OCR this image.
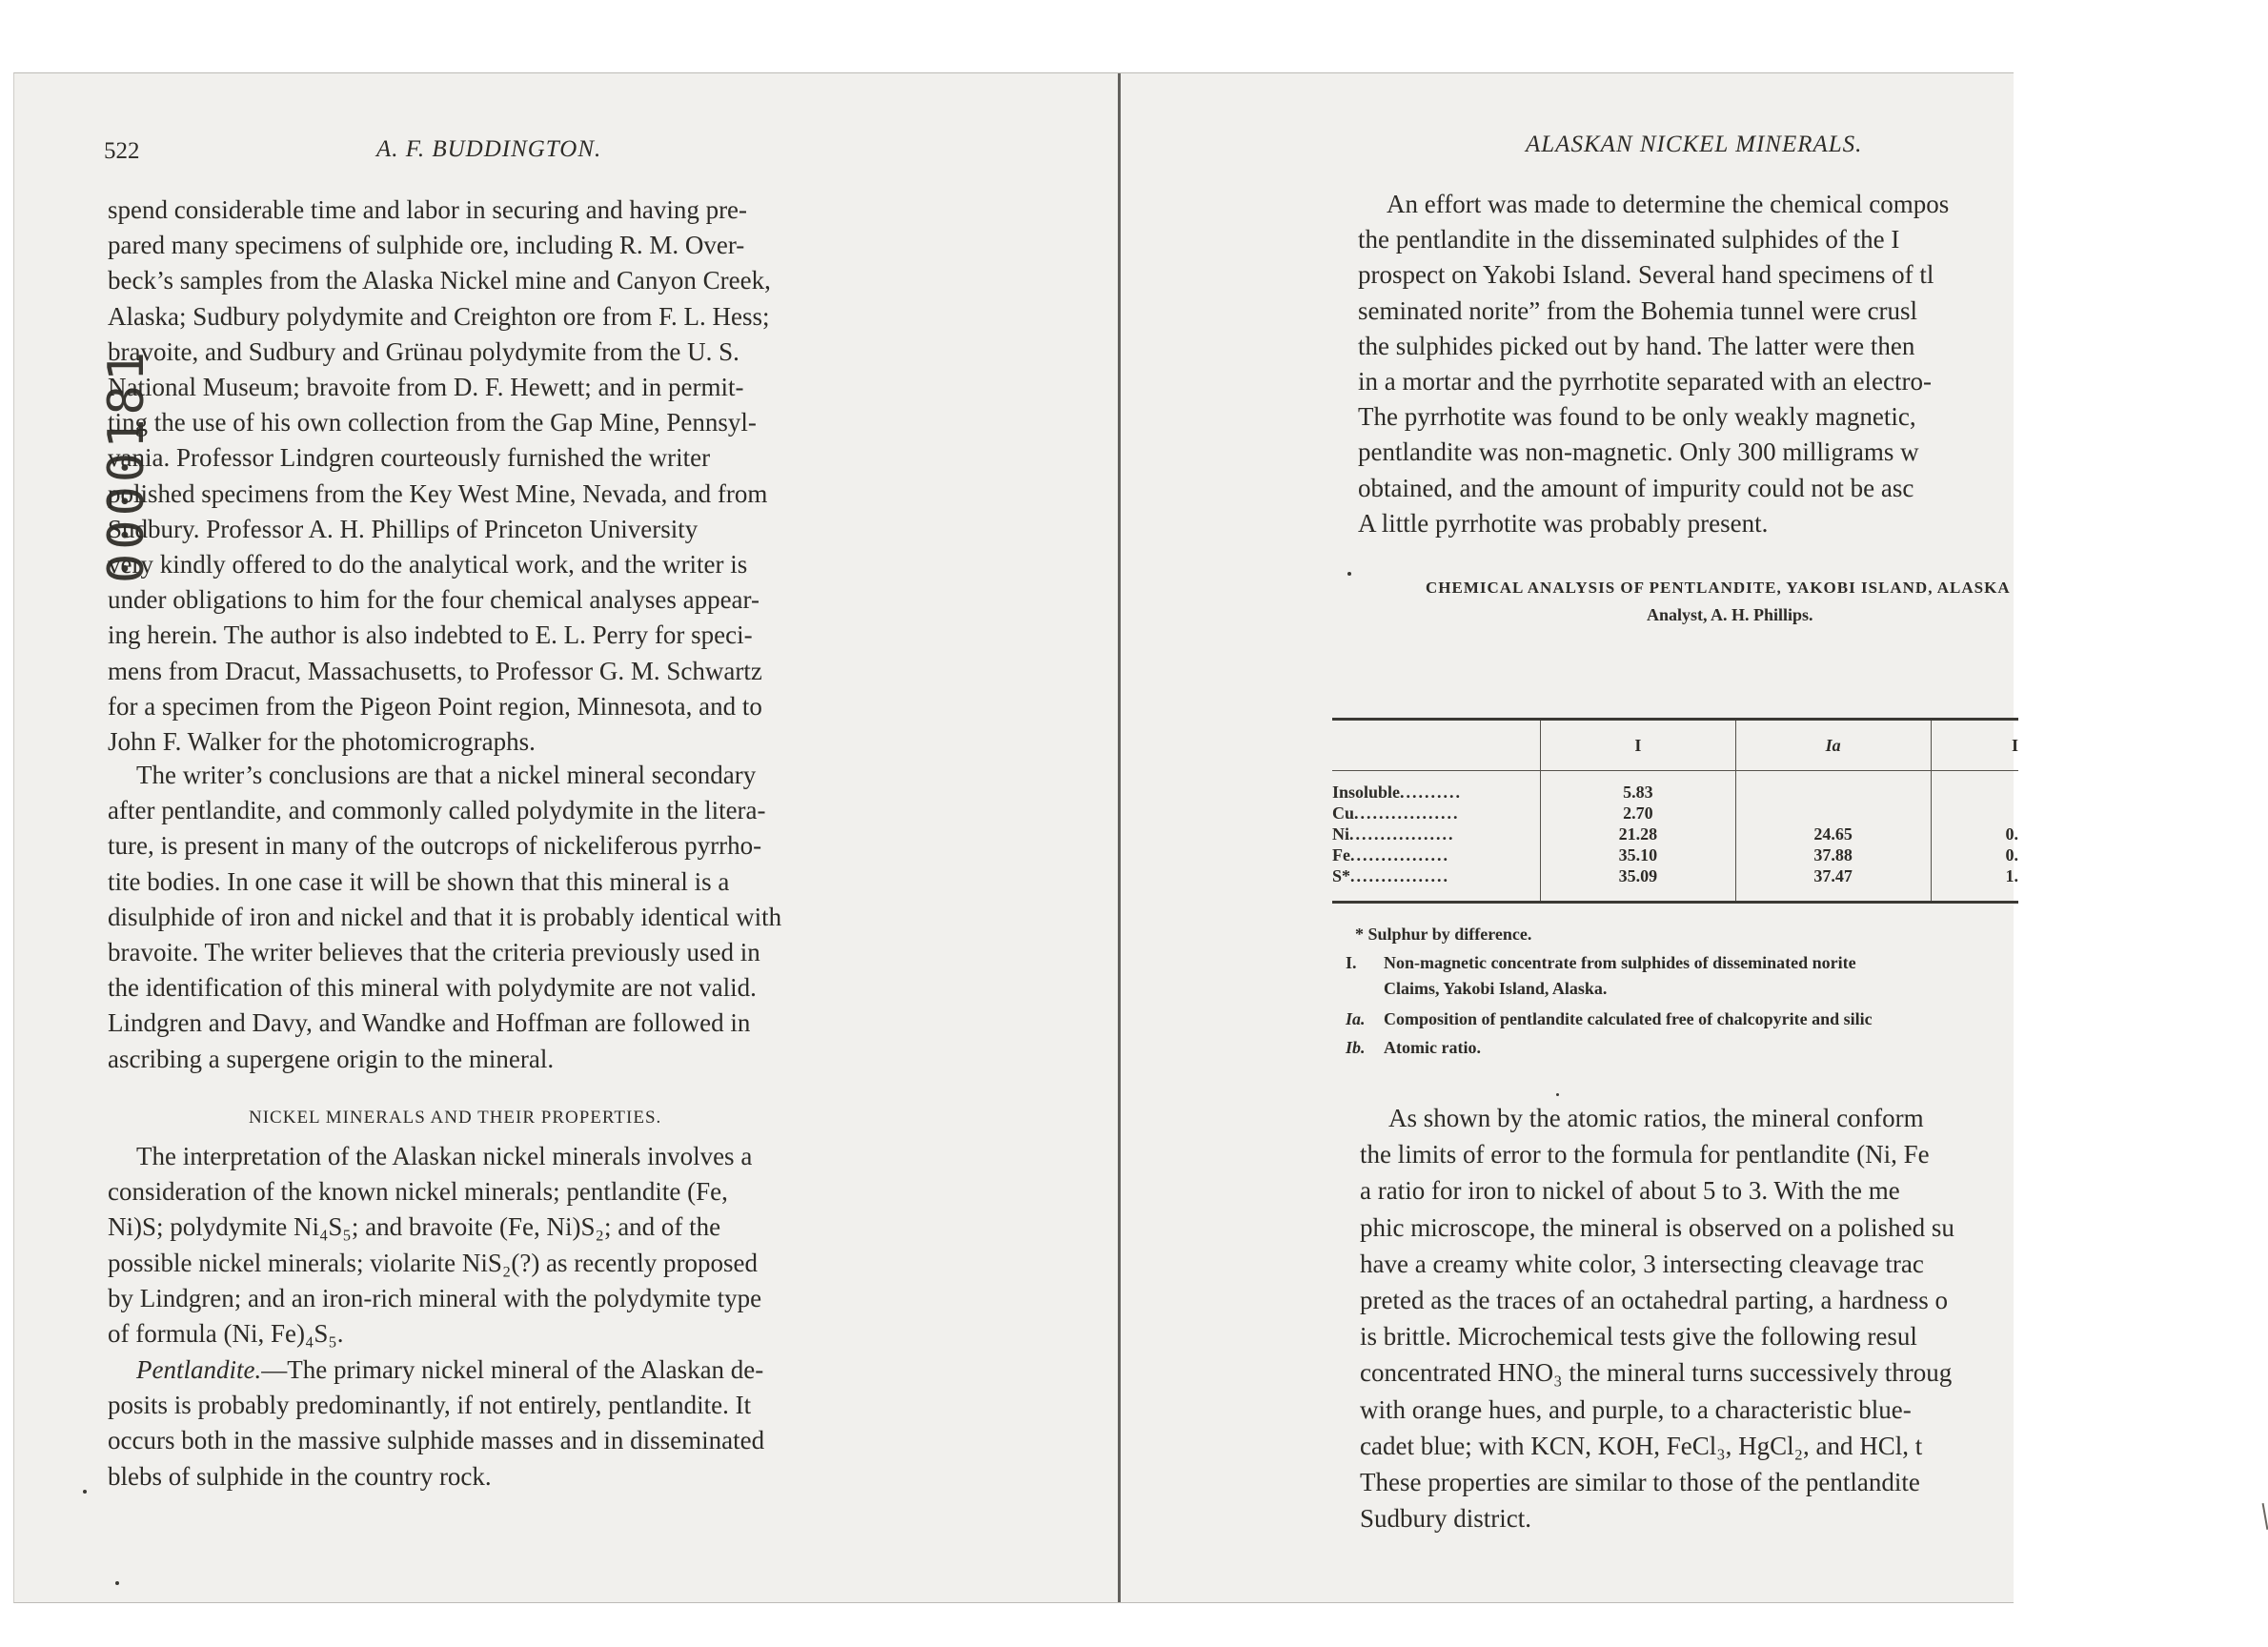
522	A. F. BUDDINGTON.
0000181
spend considerable time and labor in securing and having pre-
pared many specimens of sulphide ore, including R. M. Over-
beck’s samples from the Alaska Nickel mine and Canyon Creek,
Alaska; Sudbury polydymite and Creighton ore from F. L. Hess;
bravoite, and Sudbury and Grünau polydymite from the U. S.
National Museum; bravoite from D. F. Hewett; and in permit-
ting the use of his own collection from the Gap Mine, Pennsyl-
vania. Professor Lindgren courteously furnished the writer
polished specimens from the Key West Mine, Nevada, and from
Sudbury. Professor A. H. Phillips of Princeton University
very kindly offered to do the analytical work, and the writer is
under obligations to him for the four chemical analyses appear-
ing herein. The author is also indebted to E. L. Perry for speci-
mens from Dracut, Massachusetts, to Professor G. M. Schwartz
for a specimen from the Pigeon Point region, Minnesota, and to
John F. Walker for the photomicrographs.
The writer’s conclusions are that a nickel mineral secondary
after pentlandite, and commonly called polydymite in the litera-
ture, is present in many of the outcrops of nickeliferous pyrrho-
tite bodies. In one case it will be shown that this mineral is a
disulphide of iron and nickel and that it is probably identical with
bravoite. The writer believes that the criteria previously used in
the identification of this mineral with polydymite are not valid.
Lindgren and Davy, and Wandke and Hoffman are followed in
ascribing a supergene origin to the mineral.
NICKEL MINERALS AND THEIR PROPERTIES.
The interpretation of the Alaskan nickel minerals involves a
consideration of the known nickel minerals; pentlandite (Fe,
Ni)S; polydymite Ni₄S₅; and bravoite (Fe, Ni)S₂; and of the
possible nickel minerals; violarite NiS₂(?) as recently proposed
by Lindgren; and an iron-rich mineral with the polydymite type
of formula (Ni, Fe)₄S₅.
Pentlandite.—The primary nickel mineral of the Alaskan de-
posits is probably predominantly, if not entirely, pentlandite. It
occurs both in the massive sulphide masses and in disseminated
blebs of sulphide in the country rock.
ALASKAN NICKEL MINERALS.
An effort was made to determine the chemical compos
the pentlandite in the disseminated sulphides of the I
prospect on Yakobi Island. Several hand specimens of tl
seminated norite” from the Bohemia tunnel were crusl
the sulphides picked out by hand. The latter were then
in a mortar and the pyrrhotite separated with an electro-
The pyrrhotite was found to be only weakly magnetic,
pentlandite was non-magnetic. Only 300 milligrams w
obtained, and the amount of impurity could not be asc
A little pyrrhotite was probably present.
CHEMICAL ANALYSIS OF PENTLANDITE, YAKOBI ISLAND, ALASKA
Analyst, A. H. Phillips.
	I	Ia	I
Insoluble..........	5.83		
Cu.................	2.70		
Ni.................	21.28	24.65	0.
Fe................	35.10	37.88	0.
S*................	35.09	37.47	1.
* Sulphur by difference.
I. Non-magnetic concentrate from sulphides of disseminated norite
Claims, Yakobi Island, Alaska.
Ia. Composition of pentlandite calculated free of chalcopyrite and silic
Ib. Atomic ratio.
As shown by the atomic ratios, the mineral conform
the limits of error to the formula for pentlandite (Ni, Fe
a ratio for iron to nickel of about 5 to 3. With the me
phic microscope, the mineral is observed on a polished su
have a creamy white color, 3 intersecting cleavage trac
preted as the traces of an octahedral parting, a hardness o
is brittle. Microchemical tests give the following resul
concentrated HNO₃ the mineral turns successively throug
with orange hues, and purple, to a characteristic blue-
cadet blue; with KCN, KOH, FeCl₃, HgCl₂, and HCl, t
These properties are similar to those of the pentlandite
Sudbury district.
